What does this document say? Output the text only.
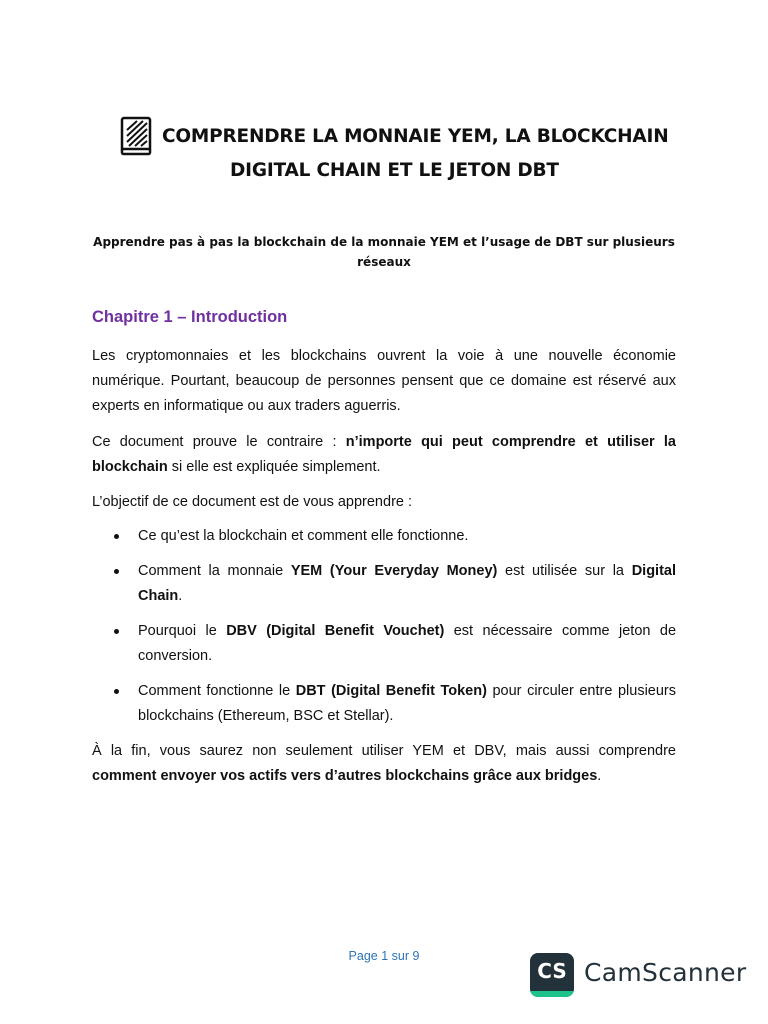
COMPRENDRE LA MONNAIE YEM, LA BLOCKCHAIN
DIGITAL CHAIN ET LE JETON DBT
Apprendre pas à pas la blockchain de la monnaie YEM et l’usage de DBT sur plusieurs réseaux
Chapitre 1 – Introduction
Les cryptomonnaies et les blockchains ouvrent la voie à une nouvelle économie numérique. Pourtant, beaucoup de personnes pensent que ce domaine est réservé aux experts en informatique ou aux traders aguerris.
Ce document prouve le contraire : n’importe qui peut comprendre et utiliser la blockchain si elle est expliquée simplement.
L’objectif de ce document est de vous apprendre :
Ce qu’est la blockchain et comment elle fonctionne.
Comment la monnaie YEM (Your Everyday Money) est utilisée sur la Digital Chain.
Pourquoi le DBV (Digital Benefit Vouchet) est nécessaire comme jeton de conversion.
Comment fonctionne le DBT (Digital Benefit Token) pour circuler entre plusieurs blockchains (Ethereum, BSC et Stellar).
À la fin, vous saurez non seulement utiliser YEM et DBV, mais aussi comprendre comment envoyer vos actifs vers d’autres blockchains grâce aux bridges.
Page 1 sur 9
CS CamScanner
